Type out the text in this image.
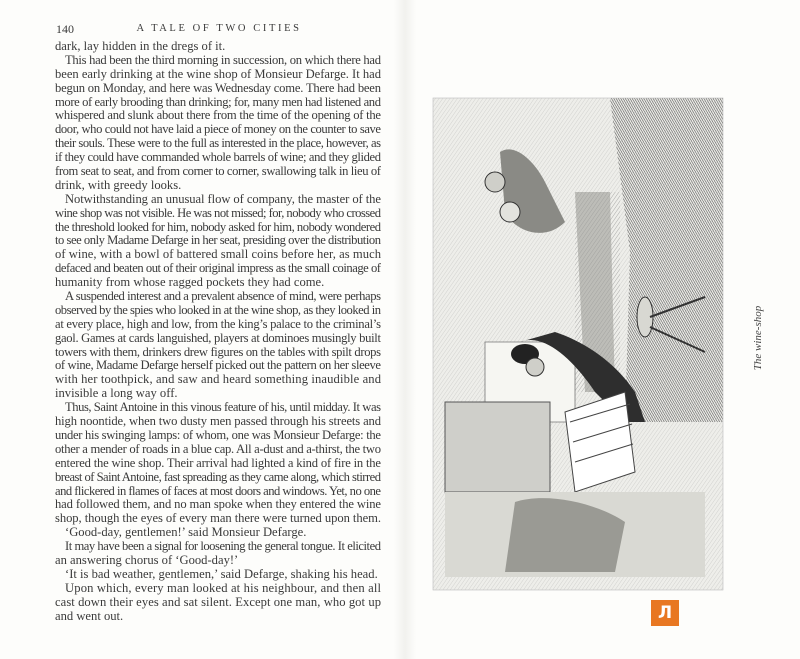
140	A TALE OF TWO CITIES
dark, lay hidden in the dregs of it.
This had been the third morning in succession, on which there had
been early drinking at the wine shop of Monsieur Defarge. It had
begun on Monday, and here was Wednesday come. There had been
more of early brooding than drinking; for, many men had listened and
whispered and slunk about there from the time of the opening of the
door, who could not have laid a piece of money on the counter to save
their souls. These were to the full as interested in the place, however, as
if they could have commanded whole barrels of wine; and they glided
from seat to seat, and from corner to corner, swallowing talk in lieu of
drink, with greedy looks.
Notwithstanding an unusual flow of company, the master of the
wine shop was not visible. He was not missed; for, nobody who crossed
the threshold looked for him, nobody asked for him, nobody wondered
to see only Madame Defarge in her seat, presiding over the distribution
of wine, with a bowl of battered small coins before her, as much
defaced and beaten out of their original impress as the small coinage of
humanity from whose ragged pockets they had come.
A suspended interest and a prevalent absence of mind, were perhaps
observed by the spies who looked in at the wine shop, as they looked in
at every place, high and low, from the king’s palace to the criminal’s
gaol. Games at cards languished, players at dominoes musingly built
towers with them, drinkers drew figures on the tables with spilt drops
of wine, Madame Defarge herself picked out the pattern on her sleeve
with her toothpick, and saw and heard something inaudible and
invisible a long way off.
Thus, Saint Antoine in this vinous feature of his, until midday. It was
high noontide, when two dusty men passed through his streets and
under his swinging lamps: of whom, one was Monsieur Defarge: the
other a mender of roads in a blue cap. All a-dust and a-thirst, the two
entered the wine shop. Their arrival had lighted a kind of fire in the
breast of Saint Antoine, fast spreading as they came along, which stirred
and flickered in flames of faces at most doors and windows. Yet, no one
had followed them, and no man spoke when they entered the wine
shop, though the eyes of every man there were turned upon them.
‘Good-day, gentlemen!’ said Monsieur Defarge.
It may have been a signal for loosening the general tongue. It elicited
an answering chorus of ‘Good-day!’
‘It is bad weather, gentlemen,’ said Defarge, shaking his head.
Upon which, every man looked at his neighbour, and then all
cast down their eyes and sat silent. Except one man, who got up
and went out.
The wine-shop
Л
